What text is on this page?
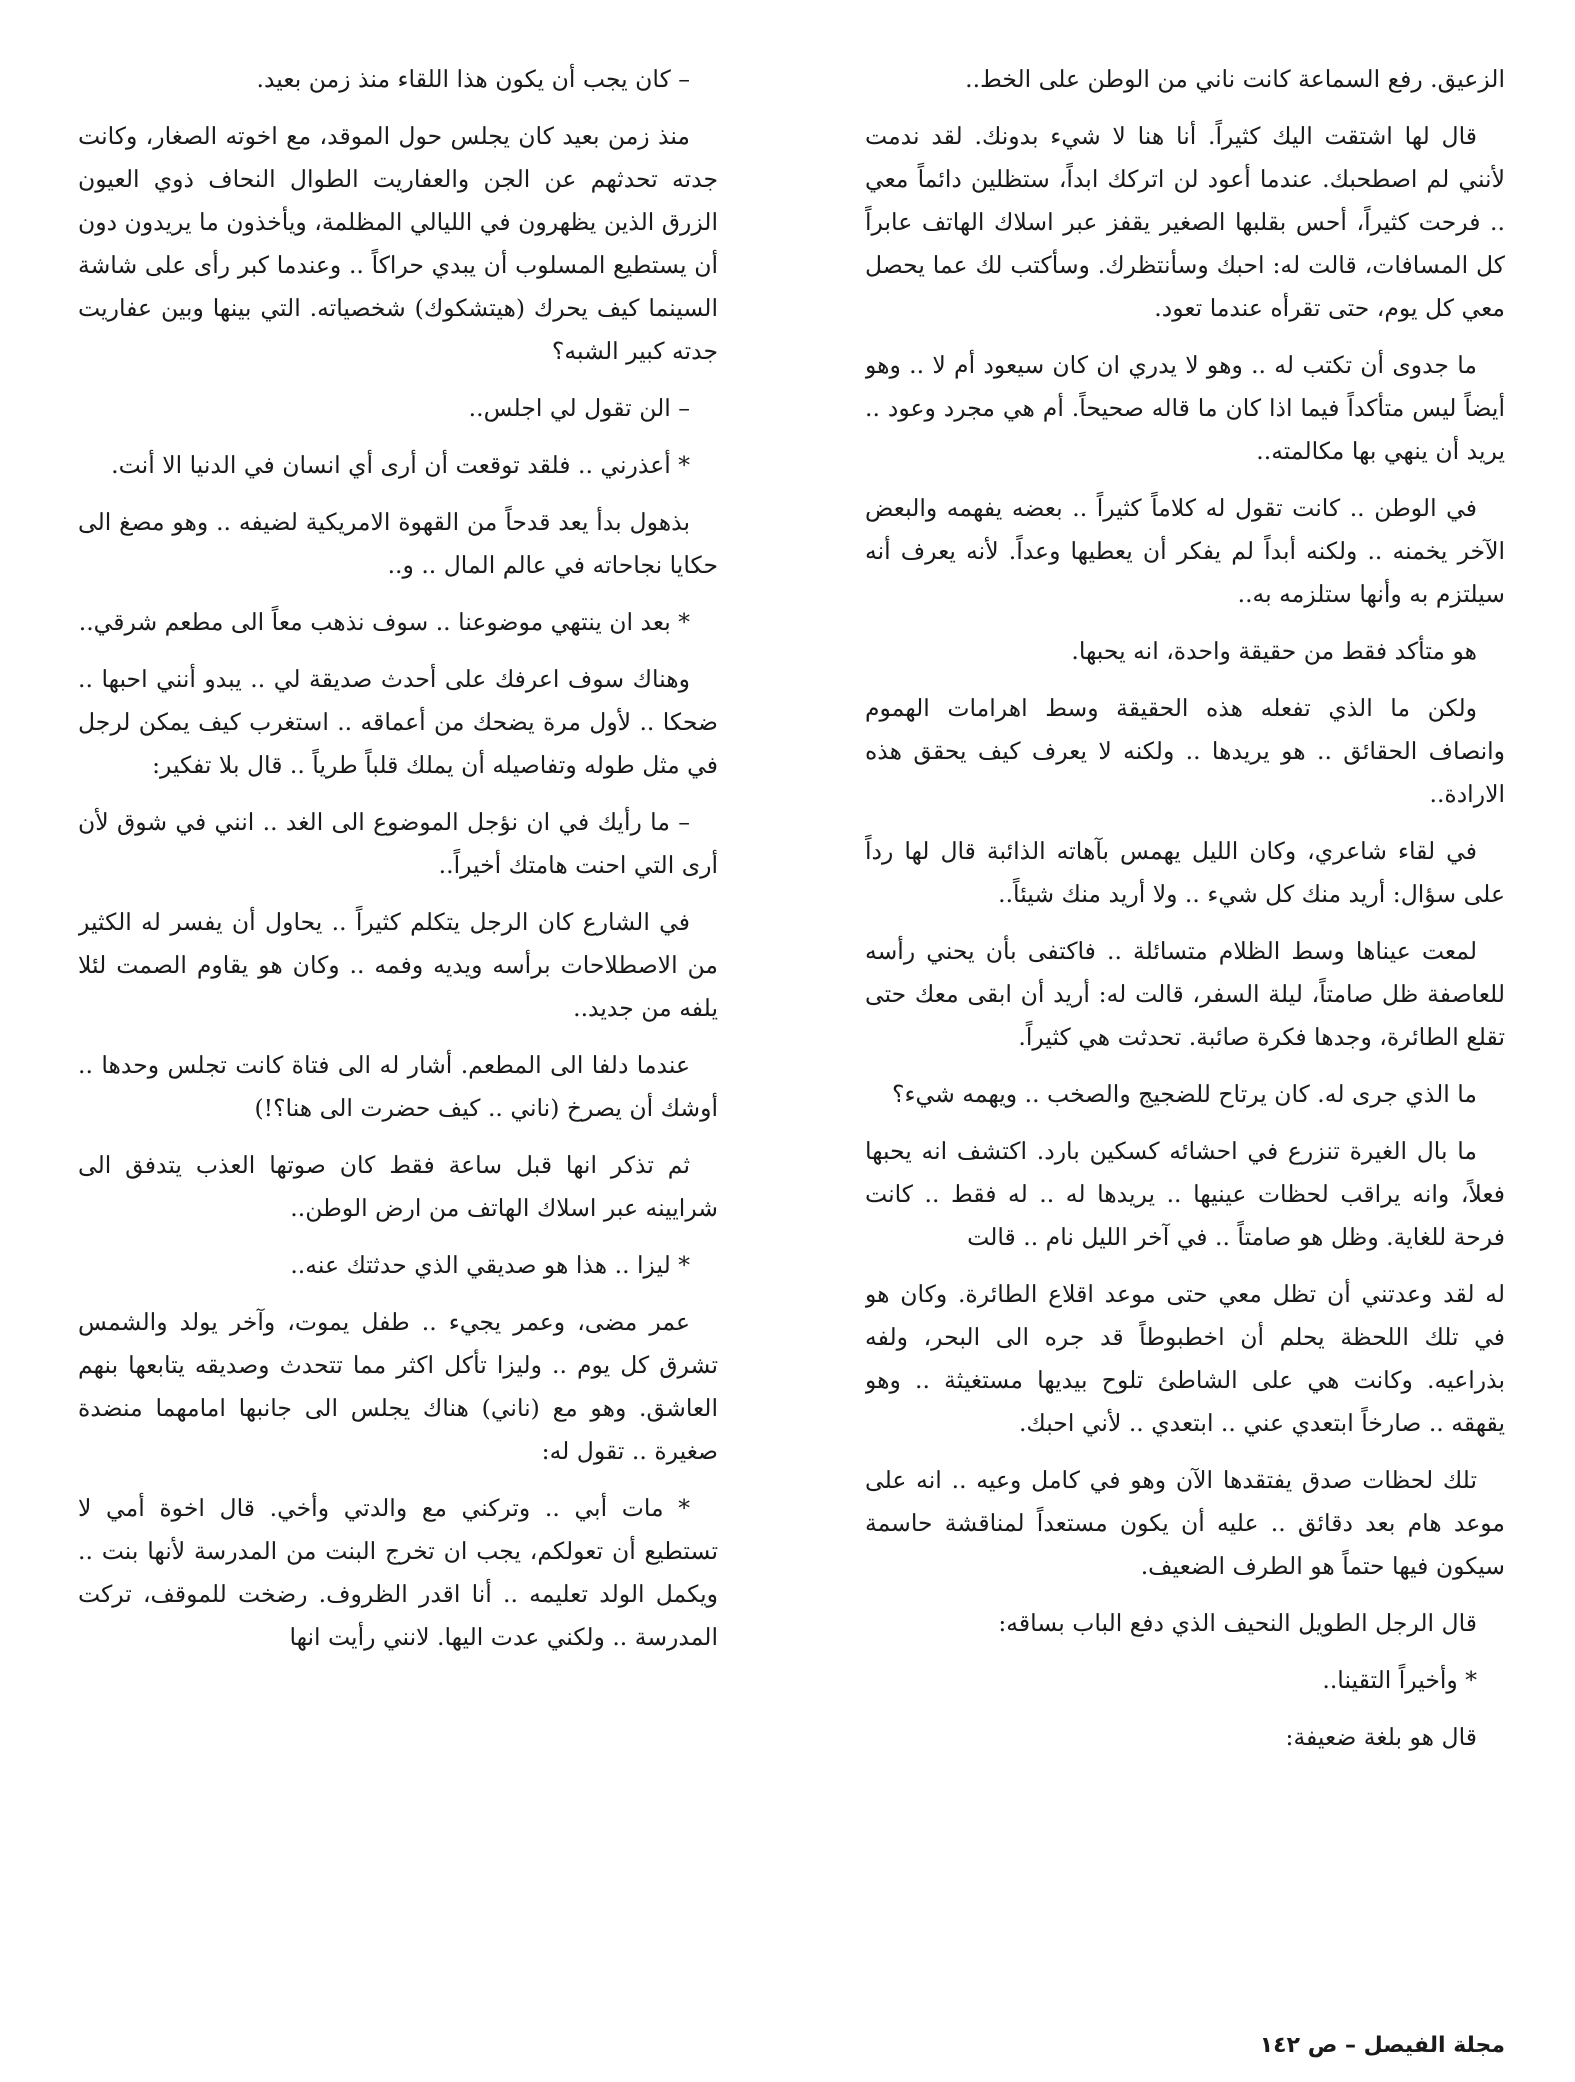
الزعيق. رفع السماعة كانت ناني من الوطن على الخط..

قال لها اشتقت اليك كثيراً. أنا هنا لا شيء بدونك. لقد ندمت لأنني لم اصطحبك. عندما أعود لن اتركك ابداً، ستظلين دائماً معي .. فرحت كثيراً، أحس بقلبها الصغير يقفز عبر اسلاك الهاتف عابراً كل المسافات، قالت له: احبك وسأنتظرك. وسأكتب لك عما يحصل معي كل يوم، حتى تقرأه عندما تعود.

ما جدوى أن تكتب له .. وهو لا يدري ان كان سيعود أم لا .. وهو أيضاً ليس متأكداً فيما اذا كان ما قاله صحيحاً. أم هي مجرد وعود .. يريد أن ينهي بها مكالمته..

في الوطن .. كانت تقول له كلاماً كثيراً .. بعضه يفهمه والبعض الآخر يخمنه .. ولكنه أبداً لم يفكر أن يعطيها وعداً. لأنه يعرف أنه سيلتزم به وأنها ستلزمه به..

هو متأكد فقط من حقيقة واحدة، انه يحبها.

ولكن ما الذي تفعله هذه الحقيقة وسط اهرامات الهموم وانصاف الحقائق .. هو يريدها .. ولكنه لا يعرف كيف يحقق هذه الارادة..

في لقاء شاعري، وكان الليل يهمس بآهاته الذائبة قال لها رداً على سؤال: أريد منك كل شيء .. ولا أريد منك شيئاً..

لمعت عيناها وسط الظلام متسائلة .. فاكتفى بأن يحني رأسه للعاصفة ظل صامتاً، ليلة السفر، قالت له: أريد أن ابقى معك حتى تقلع الطائرة، وجدها فكرة صائبة. تحدثت هي كثيراً.

ما الذي جرى له. كان يرتاح للضجيج والصخب .. ويهمه شيء؟

ما بال الغيرة تنزرع في احشائه كسكين بارد. اكتشف انه يحبها فعلاً، وانه يراقب لحظات عينيها .. يريدها له .. له فقط .. كانت فرحة للغاية. وظل هو صامتاً .. في آخر الليل نام .. قالت

له لقد وعدتني أن تظل معي حتى موعد اقلاع الطائرة. وكان هو في تلك اللحظة يحلم أن اخطبوطاً قد جره الى البحر، ولفه بذراعيه. وكانت هي على الشاطئ تلوح بيديها مستغيثة .. وهو يقهقه .. صارخاً ابتعدي عني .. ابتعدي .. لأني احبك.

تلك لحظات صدق يفتقدها الآن وهو في كامل وعيه .. انه على موعد هام بعد دقائق .. عليه أن يكون مستعداً لمناقشة حاسمة سيكون فيها حتماً هو الطرف الضعيف.

قال الرجل الطويل النحيف الذي دفع الباب بساقه:

* وأخيراً التقينا..

قال هو بلغة ضعيفة:

– كان يجب أن يكون هذا اللقاء منذ زمن بعيد.

منذ زمن بعيد كان يجلس حول الموقد، مع اخوته الصغار، وكانت جدته تحدثهم عن الجن والعفاريت الطوال النحاف ذوي العيون الزرق الذين يظهرون في الليالي المظلمة، ويأخذون ما يريدون دون أن يستطيع المسلوب أن يبدي حراكاً .. وعندما كبر رأى على شاشة السينما كيف يحرك (هيتشكوك) شخصياته. التي بينها وبين عفاريت جدته كبير الشبه؟

– الن تقول لي اجلس..

* أعذرني .. فلقد توقعت أن أرى أي انسان في الدنيا الا أنت.

بذهول بدأ يعد قدحاً من القهوة الامريكية لضيفه .. وهو مصغ الى حكايا نجاحاته في عالم المال .. و..

* بعد ان ينتهي موضوعنا .. سوف نذهب معاً الى مطعم شرقي..

وهناك سوف اعرفك على أحدث صديقة لي .. يبدو أنني احبها .. ضحكا .. لأول مرة يضحك من أعماقه .. استغرب كيف يمكن لرجل في مثل طوله وتفاصيله أن يملك قلباً طرياً .. قال بلا تفكير:

– ما رأيك في ان نؤجل الموضوع الى الغد .. انني في شوق لأن أرى التي احنت هامتك أخيراً..

في الشارع كان الرجل يتكلم كثيراً .. يحاول أن يفسر له الكثير من الاصطلاحات برأسه ويديه وفمه .. وكان هو يقاوم الصمت لئلا يلفه من جديد..

عندما دلفا الى المطعم. أشار له الى فتاة كانت تجلس وحدها .. أوشك أن يصرخ (ناني .. كيف حضرت الى هنا؟!)

ثم تذكر انها قبل ساعة فقط كان صوتها العذب يتدفق الى شرايينه عبر اسلاك الهاتف من ارض الوطن..

* ليزا .. هذا هو صديقي الذي حدثتك عنه..

عمر مضى، وعمر يجيء .. طفل يموت، وآخر يولد والشمس تشرق كل يوم .. وليزا تأكل اكثر مما تتحدث وصديقه يتابعها بنهم العاشق. وهو مع (ناني) هناك يجلس الى جانبها امامهما منضدة صغيرة .. تقول له:

* مات أبي .. وتركني مع والدتي وأخي. قال اخوة أمي لا تستطيع أن تعولكم، يجب ان تخرج البنت من المدرسة لأنها بنت .. ويكمل الولد تعليمه .. أنا اقدر الظروف. رضخت للموقف، تركت المدرسة .. ولكني عدت اليها. لانني رأيت انها

مجلة الفيصل – ص ١٤٢
